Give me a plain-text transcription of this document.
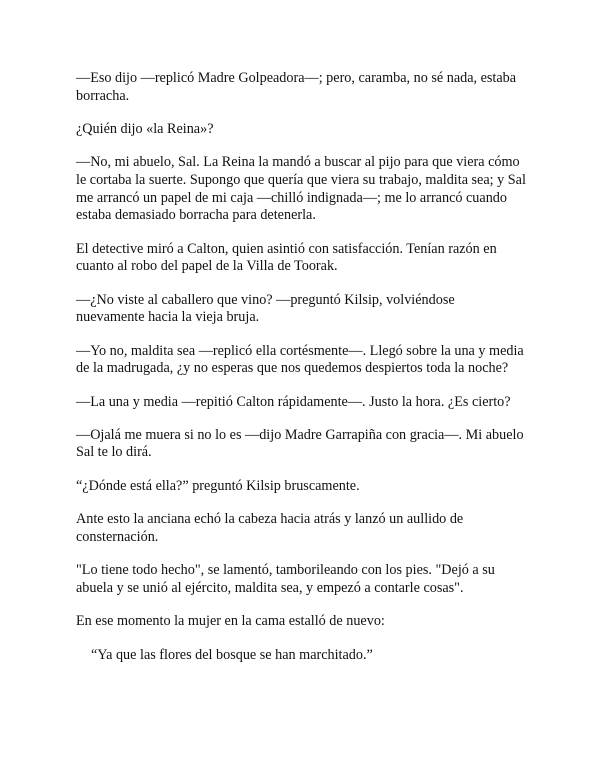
—Eso dijo —replicó Madre Golpeadora—; pero, caramba, no sé nada, estaba borracha.

¿Quién dijo «la Reina»?

—No, mi abuelo, Sal. La Reina la mandó a buscar al pijo para que viera cómo le cortaba la suerte. Supongo que quería que viera su trabajo, maldita sea; y Sal me arrancó un papel de mi caja —chilló indignada—; me lo arrancó cuando estaba demasiado borracha para detenerla.

El detective miró a Calton, quien asintió con satisfacción. Tenían razón en cuanto al robo del papel de la Villa de Toorak.

—¿No viste al caballero que vino? —preguntó Kilsip, volviéndose nuevamente hacia la vieja bruja.

—Yo no, maldita sea —replicó ella cortésmente—. Llegó sobre la una y media de la madrugada, ¿y no esperas que nos quedemos despiertos toda la noche?

—La una y media —repitió Calton rápidamente—. Justo la hora. ¿Es cierto?

—Ojalá me muera si no lo es —dijo Madre Garrapiña con gracia—. Mi abuelo Sal te lo dirá.

“¿Dónde está ella?” preguntó Kilsip bruscamente.

Ante esto la anciana echó la cabeza hacia atrás y lanzó un aullido de consternación.

"Lo tiene todo hecho", se lamentó, tamborileando con los pies. "Dejó a su abuela y se unió al ejército, maldita sea, y empezó a contarle cosas".

En ese momento la mujer en la cama estalló de nuevo:

“Ya que las flores del bosque se han marchitado.”
